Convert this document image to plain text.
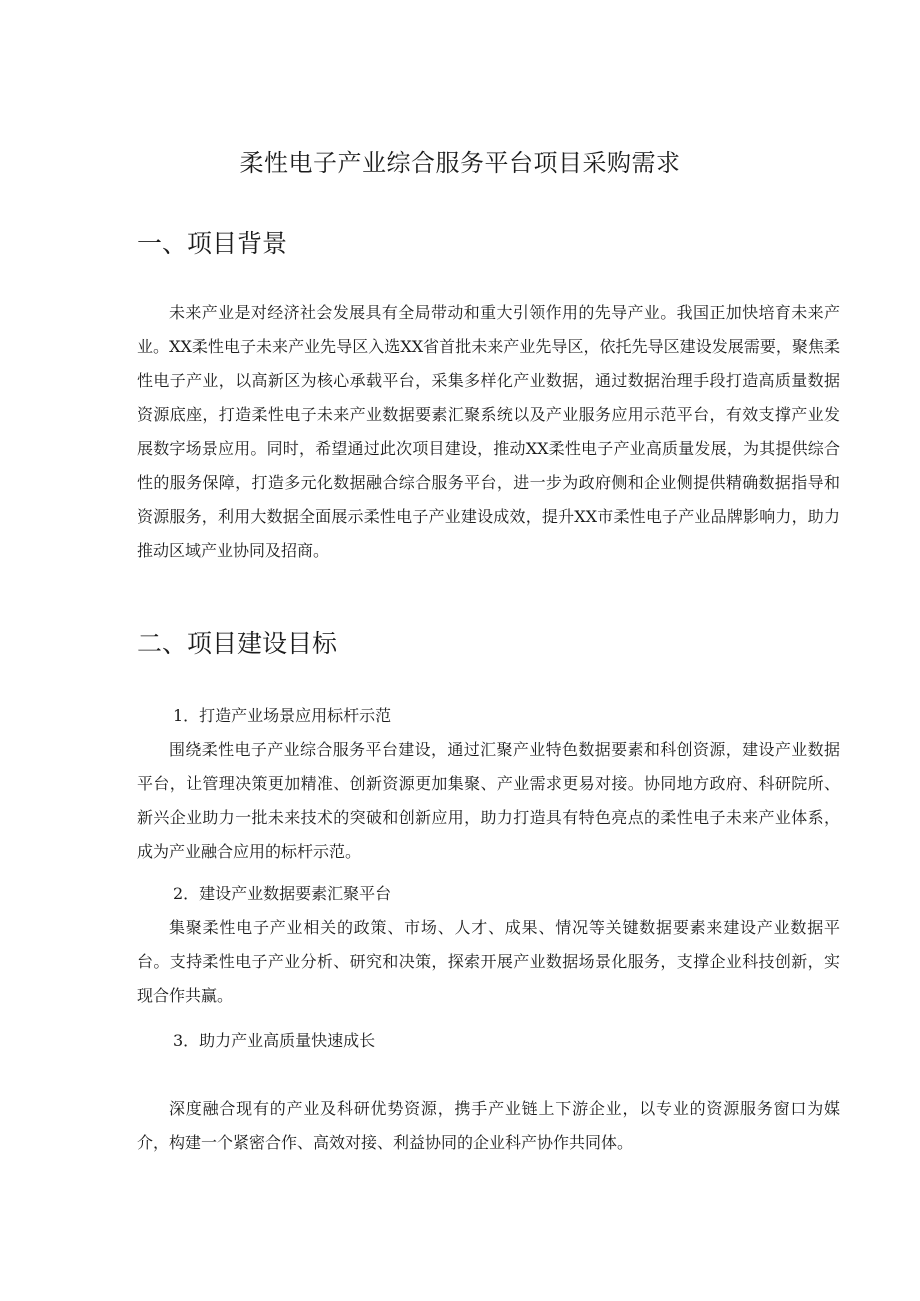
柔性电子产业综合服务平台项目采购需求
一、项目背景

未来产业是对经济社会发展具有全局带动和重大引领作用的先导产业。我国正加快培育未来产业。XX柔性电子未来产业先导区入选XX省首批未来产业先导区，依托先导区建设发展需要，聚焦柔性电子产业，以高新区为核心承载平台，采集多样化产业数据，通过数据治理手段打造高质量数据资源底座，打造柔性电子未来产业数据要素汇聚系统以及产业服务应用示范平台，有效支撑产业发展数字场景应用。同时，希望通过此次项目建设，推动XX柔性电子产业高质量发展，为其提供综合性的服务保障，打造多元化数据融合综合服务平台，进一步为政府侧和企业侧提供精确数据指导和资源服务，利用大数据全面展示柔性电子产业建设成效，提升XX市柔性电子产业品牌影响力，助力推动区域产业协同及招商。

二、项目建设目标

1．打造产业场景应用标杆示范

围绕柔性电子产业综合服务平台建设，通过汇聚产业特色数据要素和科创资源，建设产业数据平台，让管理决策更加精准、创新资源更加集聚、产业需求更易对接。协同地方政府、科研院所、新兴企业助力一批未来技术的突破和创新应用，助力打造具有特色亮点的柔性电子未来产业体系，成为产业融合应用的标杆示范。

2．建设产业数据要素汇聚平台

集聚柔性电子产业相关的政策、市场、人才、成果、情况等关键数据要素来建设产业数据平台。支持柔性电子产业分析、研究和决策，探索开展产业数据场景化服务，支撑企业科技创新，实现合作共赢。

3．助力产业高质量快速成长

深度融合现有的产业及科研优势资源，携手产业链上下游企业，以专业的资源服务窗口为媒介，构建一个紧密合作、高效对接、利益协同的企业科产协作共同体。
